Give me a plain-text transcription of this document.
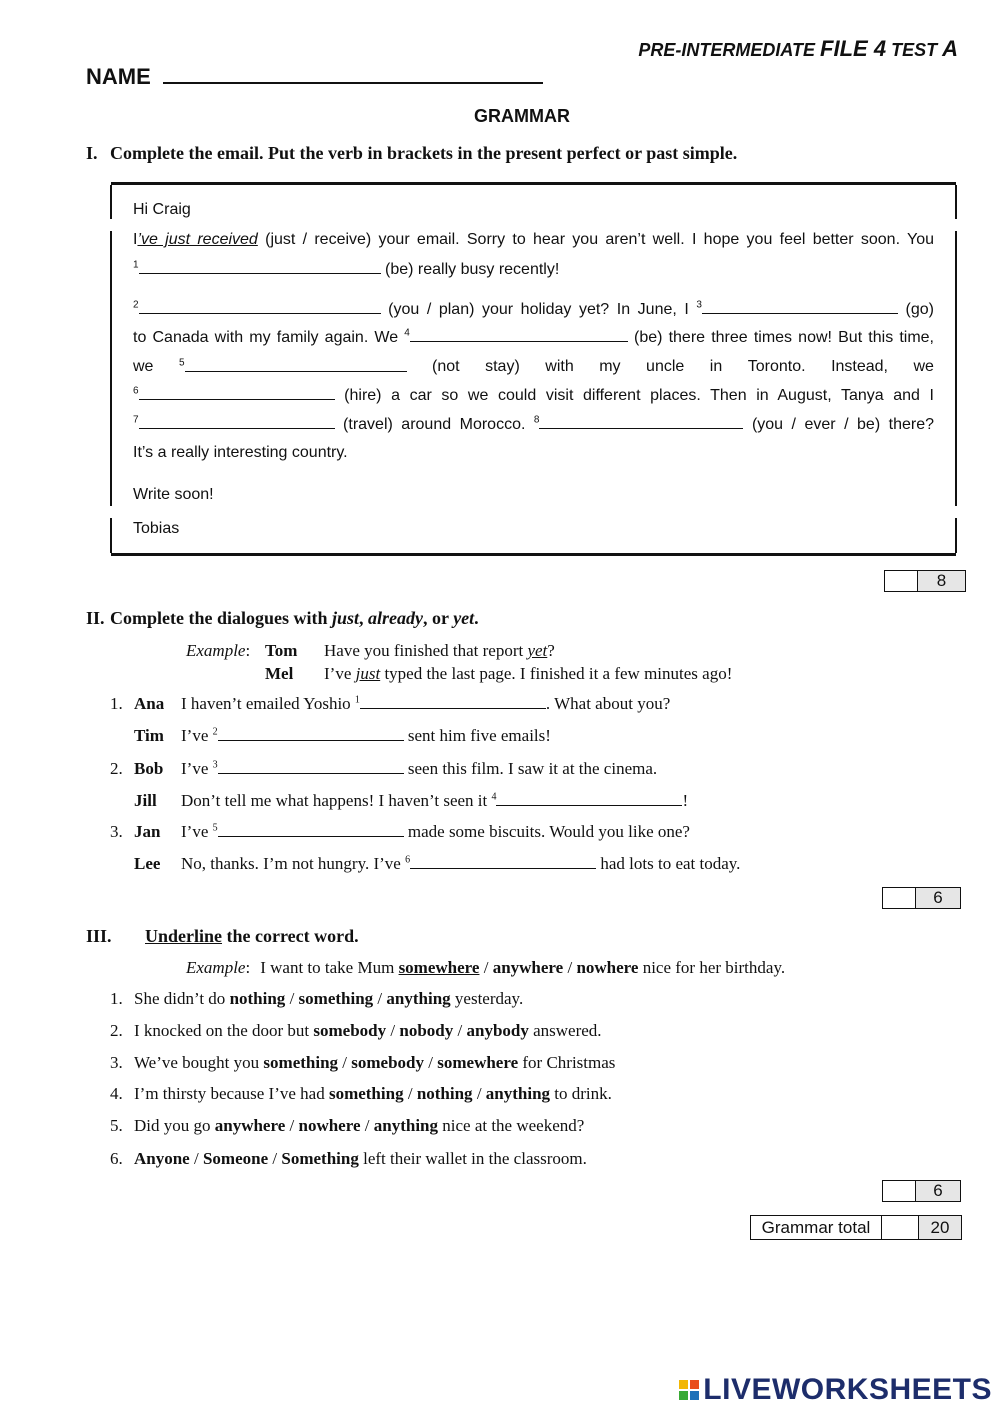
PRE-INTERMEDIATE FILE 4 TEST A
NAME
GRAMMAR
I. Complete the email. Put the verb in brackets in the present perfect or past simple.
Hi Craig
I’ve just received (just / receive) your email. Sorry to hear you aren’t well. I hope you feel better soon. You
$^1$	(be) really busy recently!
$^2$	(you / plan) your holiday yet? In June, I $^3$	(go)
to Canada with my family again. We $^4$	(be) there three times now! But this time,
we	$^5$	(not stay) with my uncle in Toronto. Instead, we
$^6$	(hire) a car so we could visit different places. Then in August, Tanya and I
$^7$	(travel) around Morocco. $^8$	(you / ever / be) there?
It’s a really interesting country.
Write soon!
Tobias
8
II. Complete the dialogues with just, already, or yet.
Example: Tom Have you finished that report yet?
Mel I’ve just typed the last page. I finished it a few minutes ago!
1. Ana I haven’t emailed Yoshio $^1$	. What about you?
Tim I’ve $^2$	sent him five emails!
2. Bob I’ve $^3$	seen this film. I saw it at the cinema.
Jill Don’t tell me what happens! I haven’t seen it $^4$	!
3. Jan I’ve $^5$	made some biscuits. Would you like one?
Lee No, thanks. I’m not hungry. I’ve $^6$	had lots to eat today.
6
III. Underline the correct word.
Example: I want to take Mum somewhere / anywhere / nowhere nice for her birthday.
1. She didn’t do nothing / something / anything yesterday.
2. I knocked on the door but somebody / nobody / anybody answered.
3. We’ve bought you something / somebody / somewhere for Christmas
4. I’m thirsty because I’ve had something / nothing / anything to drink.
5. Did you go anywhere / nowhere / anything nice at the weekend?
6. Anyone / Someone / Something left their wallet in the classroom.
6
Grammar total	20
LIVEWORKSHEETS
